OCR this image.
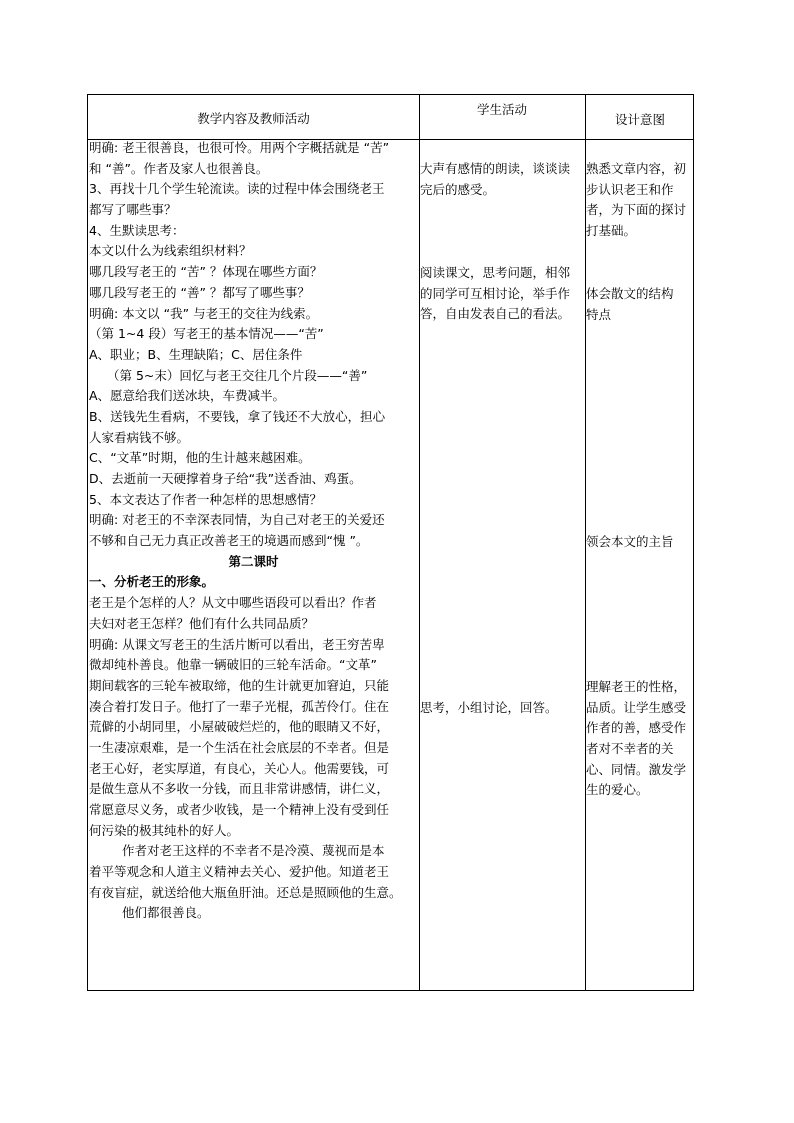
教学内容及教师活动
学生活动
设计意图
明确: 老王很善良，也很可怜。用两个字概括就是 “苦”
和 “善”。作者及家人也很善良。
3、再找十几个学生轮流读。读的过程中体会围绕老王
都写了哪些事？
4、生默读思考：
本文以什么为线索组织材料？
哪几段写老王的 “苦” ？体现在哪些方面？
哪几段写老王的 “善” ？都写了哪些事？
明确: 本文以 “我” 与老王的交往为线索。
（第 1~4 段）写老王的基本情况——“苦”
A、职业；B、生理缺陷；C、居住条件
（第 5~末）回忆与老王交往几个片段——“善”
A、愿意给我们送冰块，车费减半。
B、送钱先生看病，不要钱，拿了钱还不大放心，担心
人家看病钱不够。
C、“文革”时期，他的生计越来越困难。
D、去逝前一天硬撑着身子给“我”送香油、鸡蛋。
5、本文表达了作者一种怎样的思想感情？
明确: 对老王的不幸深表同情，为自己对老王的关爱还
不够和自己无力真正改善老王的境遇而感到“愧 ”。
第二课时
一、分析老王的形象。
老王是个怎样的人？从文中哪些语段可以看出？作者
夫妇对老王怎样？他们有什么共同品质？
明确: 从课文写老王的生活片断可以看出，老王穷苦卑
微却纯朴善良。他靠一辆破旧的三轮车活命。“文革”
期间载客的三轮车被取缔，他的生计就更加窘迫，只能
凑合着打发日子。他打了一辈子光棍，孤苦伶仃。住在
荒僻的小胡同里，小屋破破烂烂的，他的眼睛又不好，
一生凄凉艰难，是一个生活在社会底层的不幸者。但是
老王心好，老实厚道，有良心，关心人。他需要钱，可
是做生意从不多收一分钱，而且非常讲感情，讲仁义，
常愿意尽义务，或者少收钱，是一个精神上没有受到任
何污染的极其纯朴的好人。
作者对老王这样的不幸者不是冷漠、蔑视而是本
着平等观念和人道主义精神去关心、爱护他。知道老王
有夜盲症，就送给他大瓶鱼肝油。还总是照顾他的生意。
他们都很善良。
大声有感情的朗读，谈谈读
完后的感受。
阅读课文，思考问题，相邻
的同学可互相讨论，举手作
答，自由发表自己的看法。
思考，小组讨论，回答。
熟悉文章内容，初
步认识老王和作
者，为下面的探讨
打基础。
体会散文的结构
特点
领会本文的主旨
理解老王的性格，
品质。让学生感受
作者的善，感受作
者对不幸者的关
心、同情。激发学
生的爱心。
